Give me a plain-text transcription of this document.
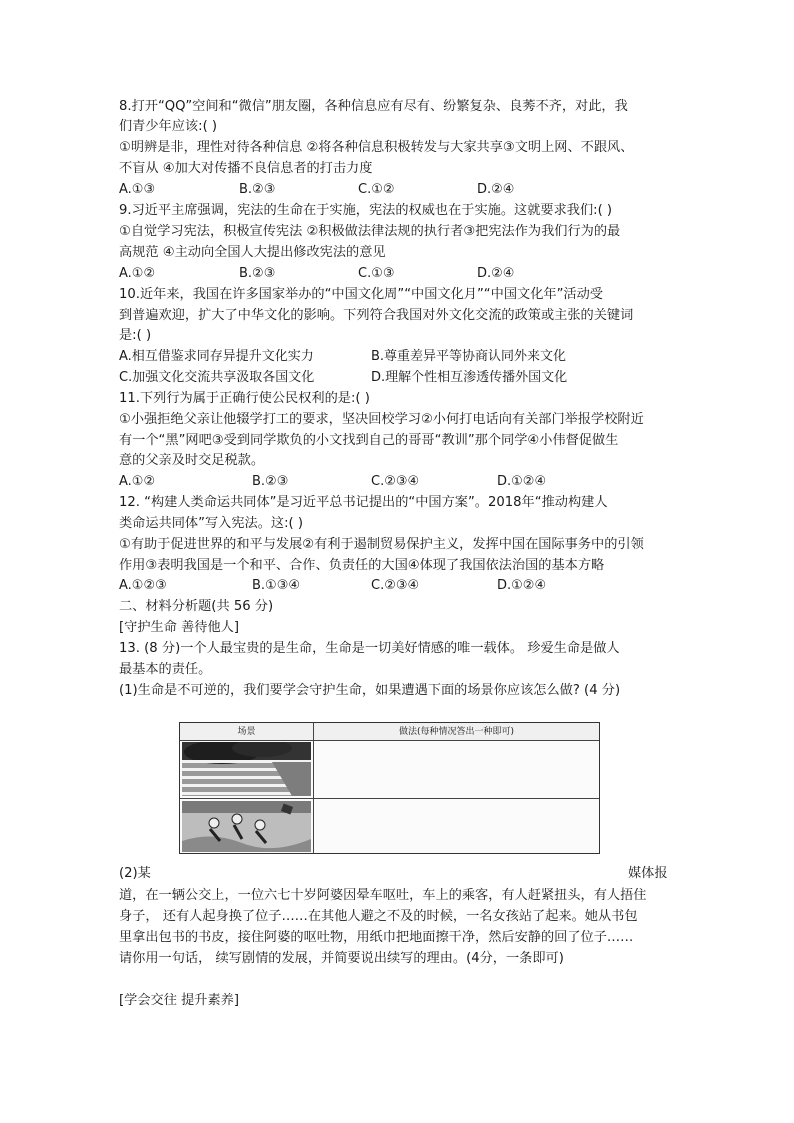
8.打开“QQ”空间和“微信”朋友圈，各种信息应有尽有、纷繁复杂、良莠不齐，对此，我
们青少年应该:( )
①明辨是非，理性对待各种信息 ②将各种信息积极转发与大家共享③文明上网、不跟风、
不盲从 ④加大对传播不良信息者的打击力度
A.①③	B.②③	C.①②	D.②④
9.习近平主席强调，宪法的生命在于实施，宪法的权威也在于实施。这就要求我们:( )
①自觉学习宪法，积极宣传宪法 ②积极做法律法规的执行者③把宪法作为我们行为的最
高规范 ④主动向全国人大提出修改宪法的意见
A.①②	B.②③	C.①③	D.②④
10.近年来，我国在许多国家举办的“中国文化周”“中国文化月”“中国文化年”活动受
到普遍欢迎，扩大了中华文化的影响。下列符合我国对外文化交流的政策或主张的关键词
是:( )
A.相互借鉴求同存异提升文化实力	B.尊重差异平等协商认同外来文化
C.加强文化交流共享汲取各国文化	D.理解个性相互渗透传播外国文化
11.下列行为属于正确行使公民权利的是:( )
①小强拒绝父亲让他辍学打工的要求，坚决回校学习②小何打电话向有关部门举报学校附近
有一个“黑”网吧③受到同学欺负的小文找到自己的哥哥“教训”那个同学④小伟督促做生
意的父亲及时交足税款。
A.①②	B.②③	C.②③④	D.①②④
12. “构建人类命运共同体”是习近平总书记提出的“中国方案”。2018年“推动构建人
类命运共同体”写入宪法。这:( )
①有助于促进世界的和平与发展②有利于遏制贸易保护主义，发挥中国在国际事务中的引领
作用③表明我国是一个和平、合作、负责任的大国④体现了我国依法治国的基本方略
A.①②③	B.①③④	C.②③④	D.①②④
二、材料分析题(共 56 分)
[守护生命 善待他人]
13. (8 分)一个人最宝贵的是生命，生命是一切美好情感的唯一载体。 珍爱生命是做人
最基本的责任。
(1)生命是不可逆的，我们要学会守护生命，如果遭遇下面的场景你应该怎么做? (4 分)
场景	做法(每种情况答出一种即可)
(2)某	媒体报
道，在一辆公交上，一位六七十岁阿婆因晕车呕吐，车上的乘客，有人赶紧扭头，有人捂住
身子， 还有人起身换了位子……在其他人避之不及的时候，一名女孩站了起来。她从书包
里拿出包书的书皮，接住阿婆的呕吐物，用纸巾把地面擦干净，然后安静的回了位子……
请你用一句话， 续写剧情的发展，并简要说出续写的理由。(4分，一条即可)
[学会交往 提升素养]
